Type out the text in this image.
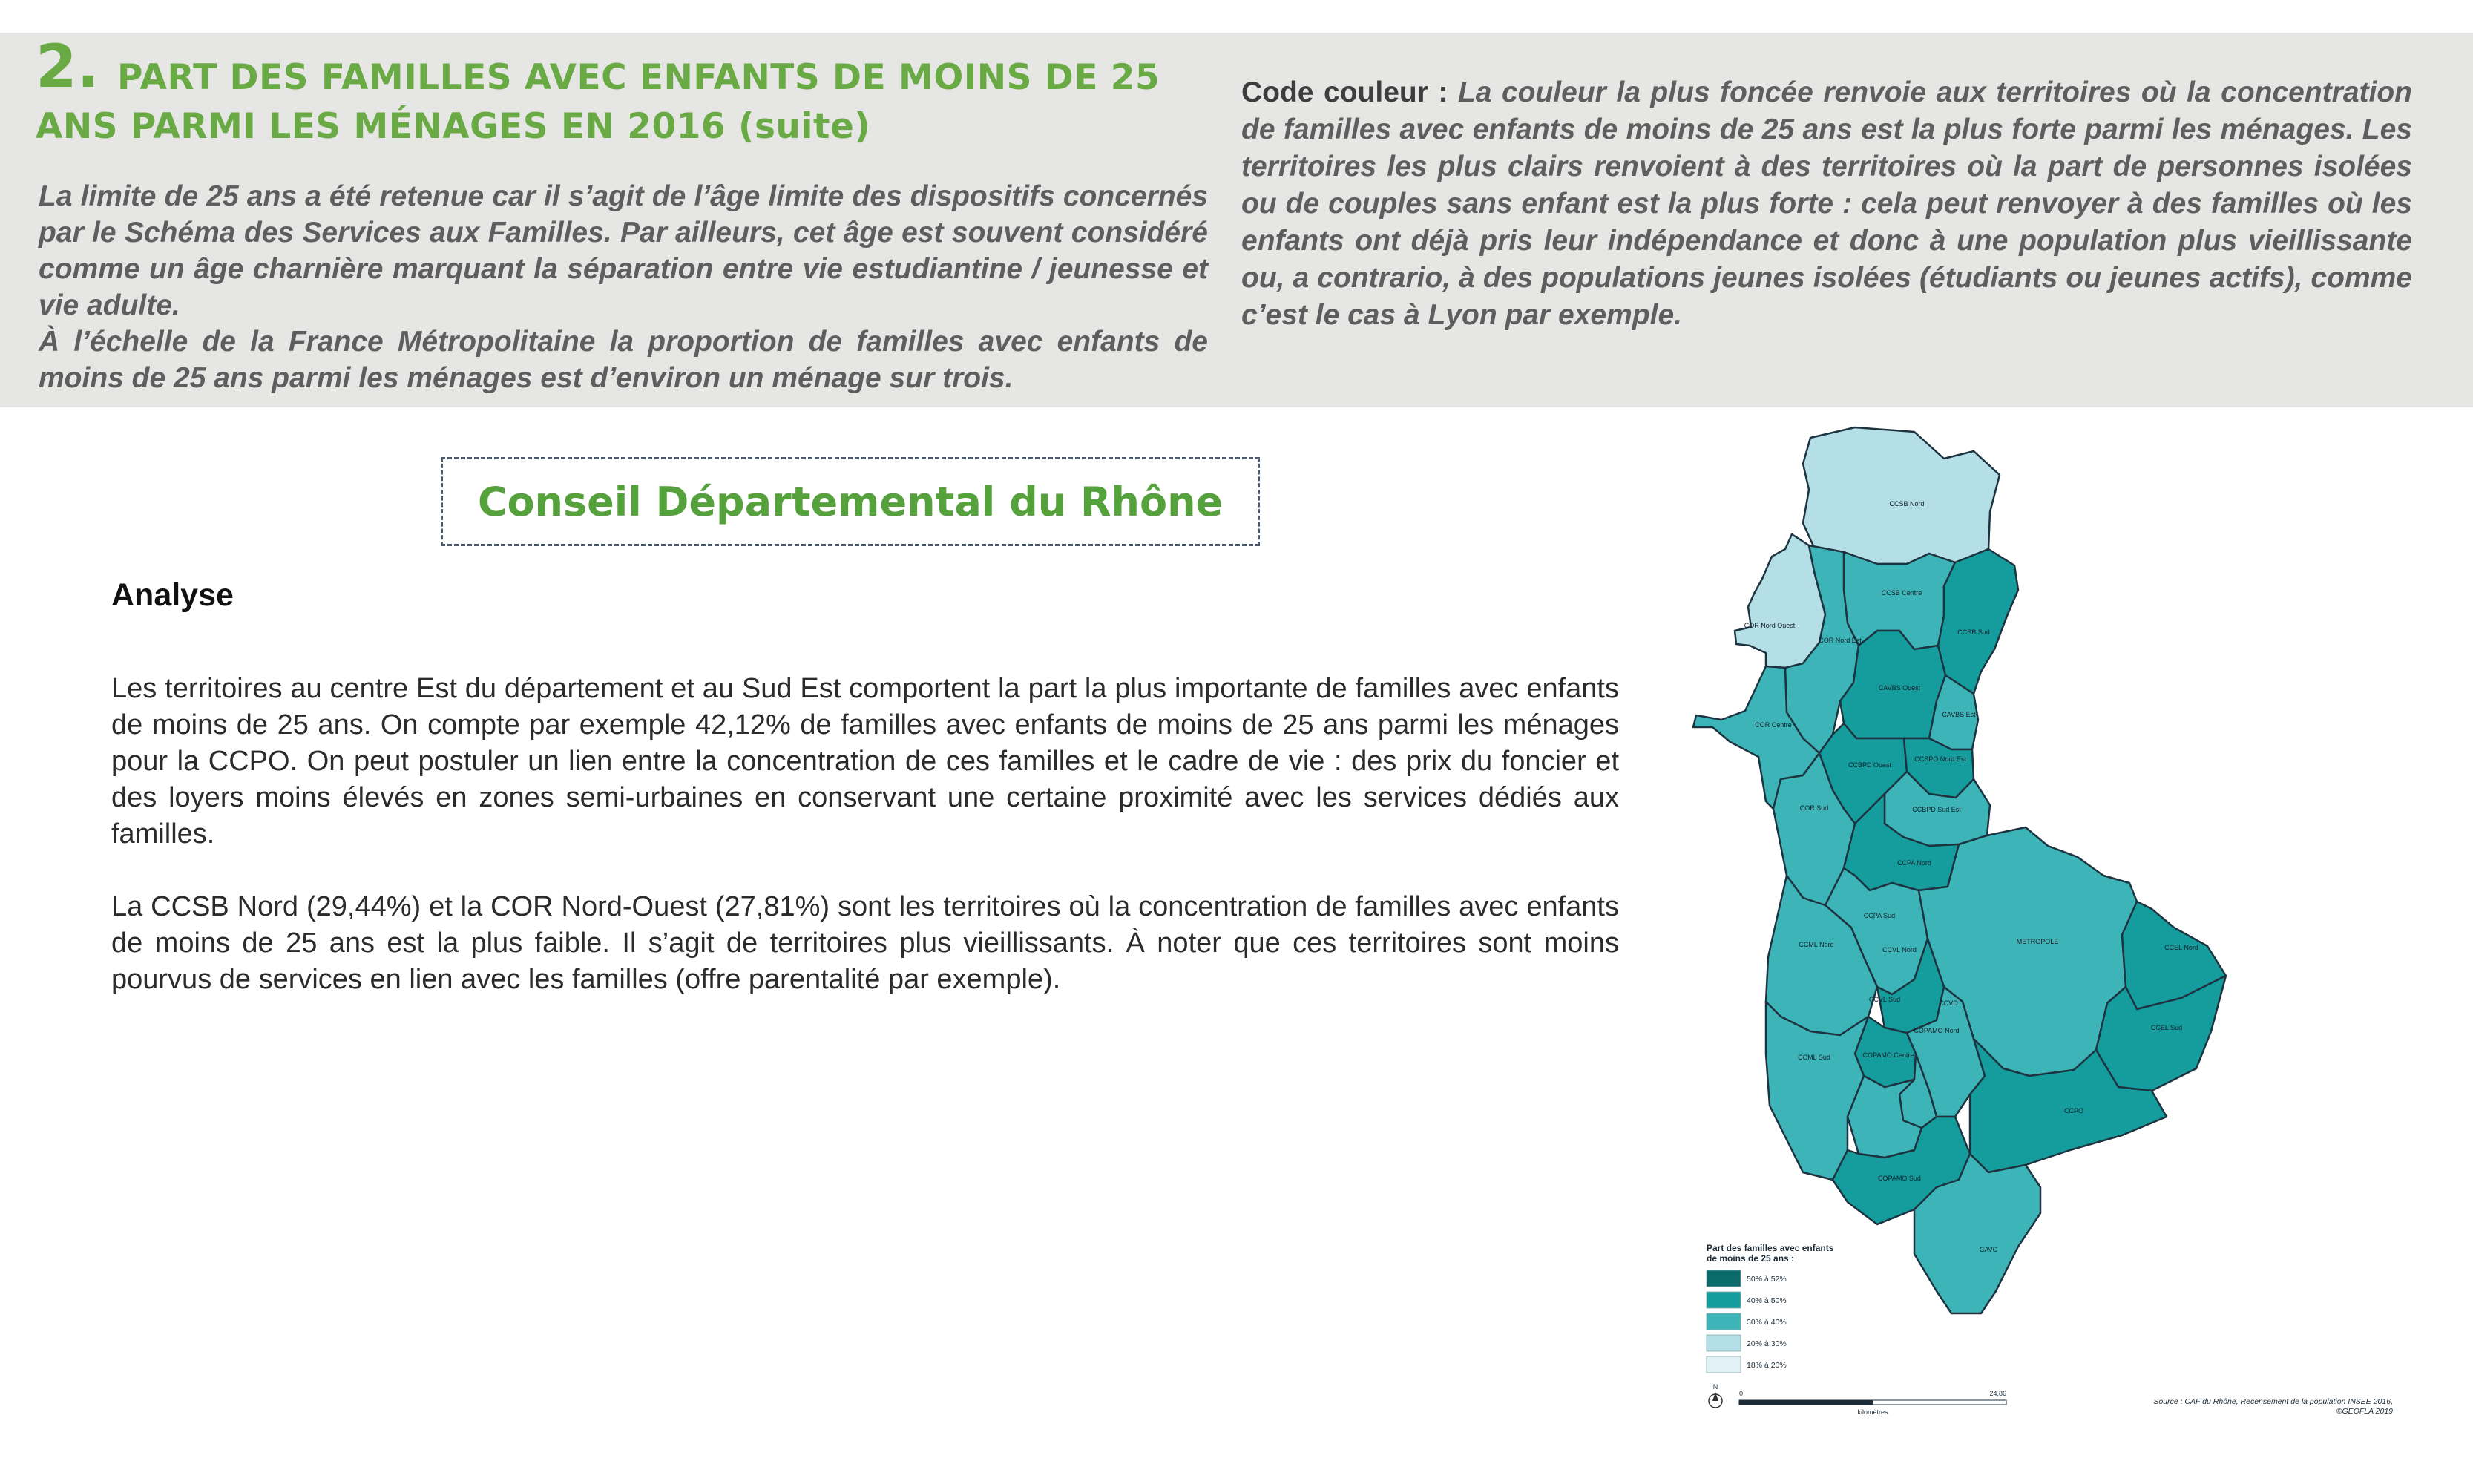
2. PART DES FAMILLES AVEC ENFANTS DE MOINS DE 25 ANS PARMI LES MÉNAGES EN 2016 (suite)

La limite de 25 ans a été retenue car il s’agit de l’âge limite des dispositifs concernés par le Schéma des Services aux Familles. Par ailleurs, cet âge est souvent considéré comme un âge charnière marquant la séparation entre vie estudiantine / jeunesse et vie adulte.

À l’échelle de la France Métropolitaine la proportion de familles avec enfants de moins de 25 ans parmi les ménages est d’environ un ménage sur trois.

Code couleur : La couleur la plus foncée renvoie aux territoires où la concentration de familles avec enfants de moins de 25 ans est la plus forte parmi les ménages. Les territoires les plus clairs renvoient à des territoires où la part de personnes isolées ou de couples sans enfant est la plus forte : cela peut renvoyer à des familles où les enfants ont déjà pris leur indépendance et donc à une population plus vieillissante ou, a contrario, à des populations jeunes isolées (étudiants ou jeunes actifs), comme c’est le cas à Lyon par exemple.
Conseil Départemental du Rhône
Analyse

Les territoires au centre Est du département et au Sud Est comportent la part la plus importante de familles avec enfants de moins de 25 ans. On compte par exemple 42,12% de familles avec enfants de moins de 25 ans parmi les ménages pour la CCPO. On peut postuler un lien entre la concentration de ces familles et le cadre de vie : des prix du foncier et des loyers moins élevés en zones semi-urbaines en conservant une certaine proximité avec les services dédiés aux familles.

La CCSB Nord (29,44%) et la COR Nord-Ouest (27,81%) sont les territoires où la concentration de familles avec enfants de moins de 25 ans est la plus faible. Il s’agit de territoires plus vieillissants. À noter que ces territoires sont moins pourvus de services en lien avec les familles (offre parentalité par exemple).

CCSB Nord
CCSB Centre
CCSB Sud
COR Nord Ouest
COR Nord Est
CAVBS Ouest
CAVBS Est
COR Centre
CCBPD Ouest
CCSPO Nord Est
CCBPD Sud Est
COR Sud
CCPA Nord
CCPA Sud
METROPOLE
CCEL Nord
CCML Nord
CCVL Nord
CCVL Sud	CCVD
COPAMO Nord	CCEL Sud
CCML Sud	COPAMO Centre
CCPO
COPAMO Sud
CAVC
Part des familles avec enfants
de moins de 25 ans :
50% à 52%
40% à 50%
30% à 40%
20% à 30%
18% à 20%
N
0	24,86
kilomètres
Source : CAF du Rhône, Recensement de la population INSEE 2016,
©GEOFLA 2019
